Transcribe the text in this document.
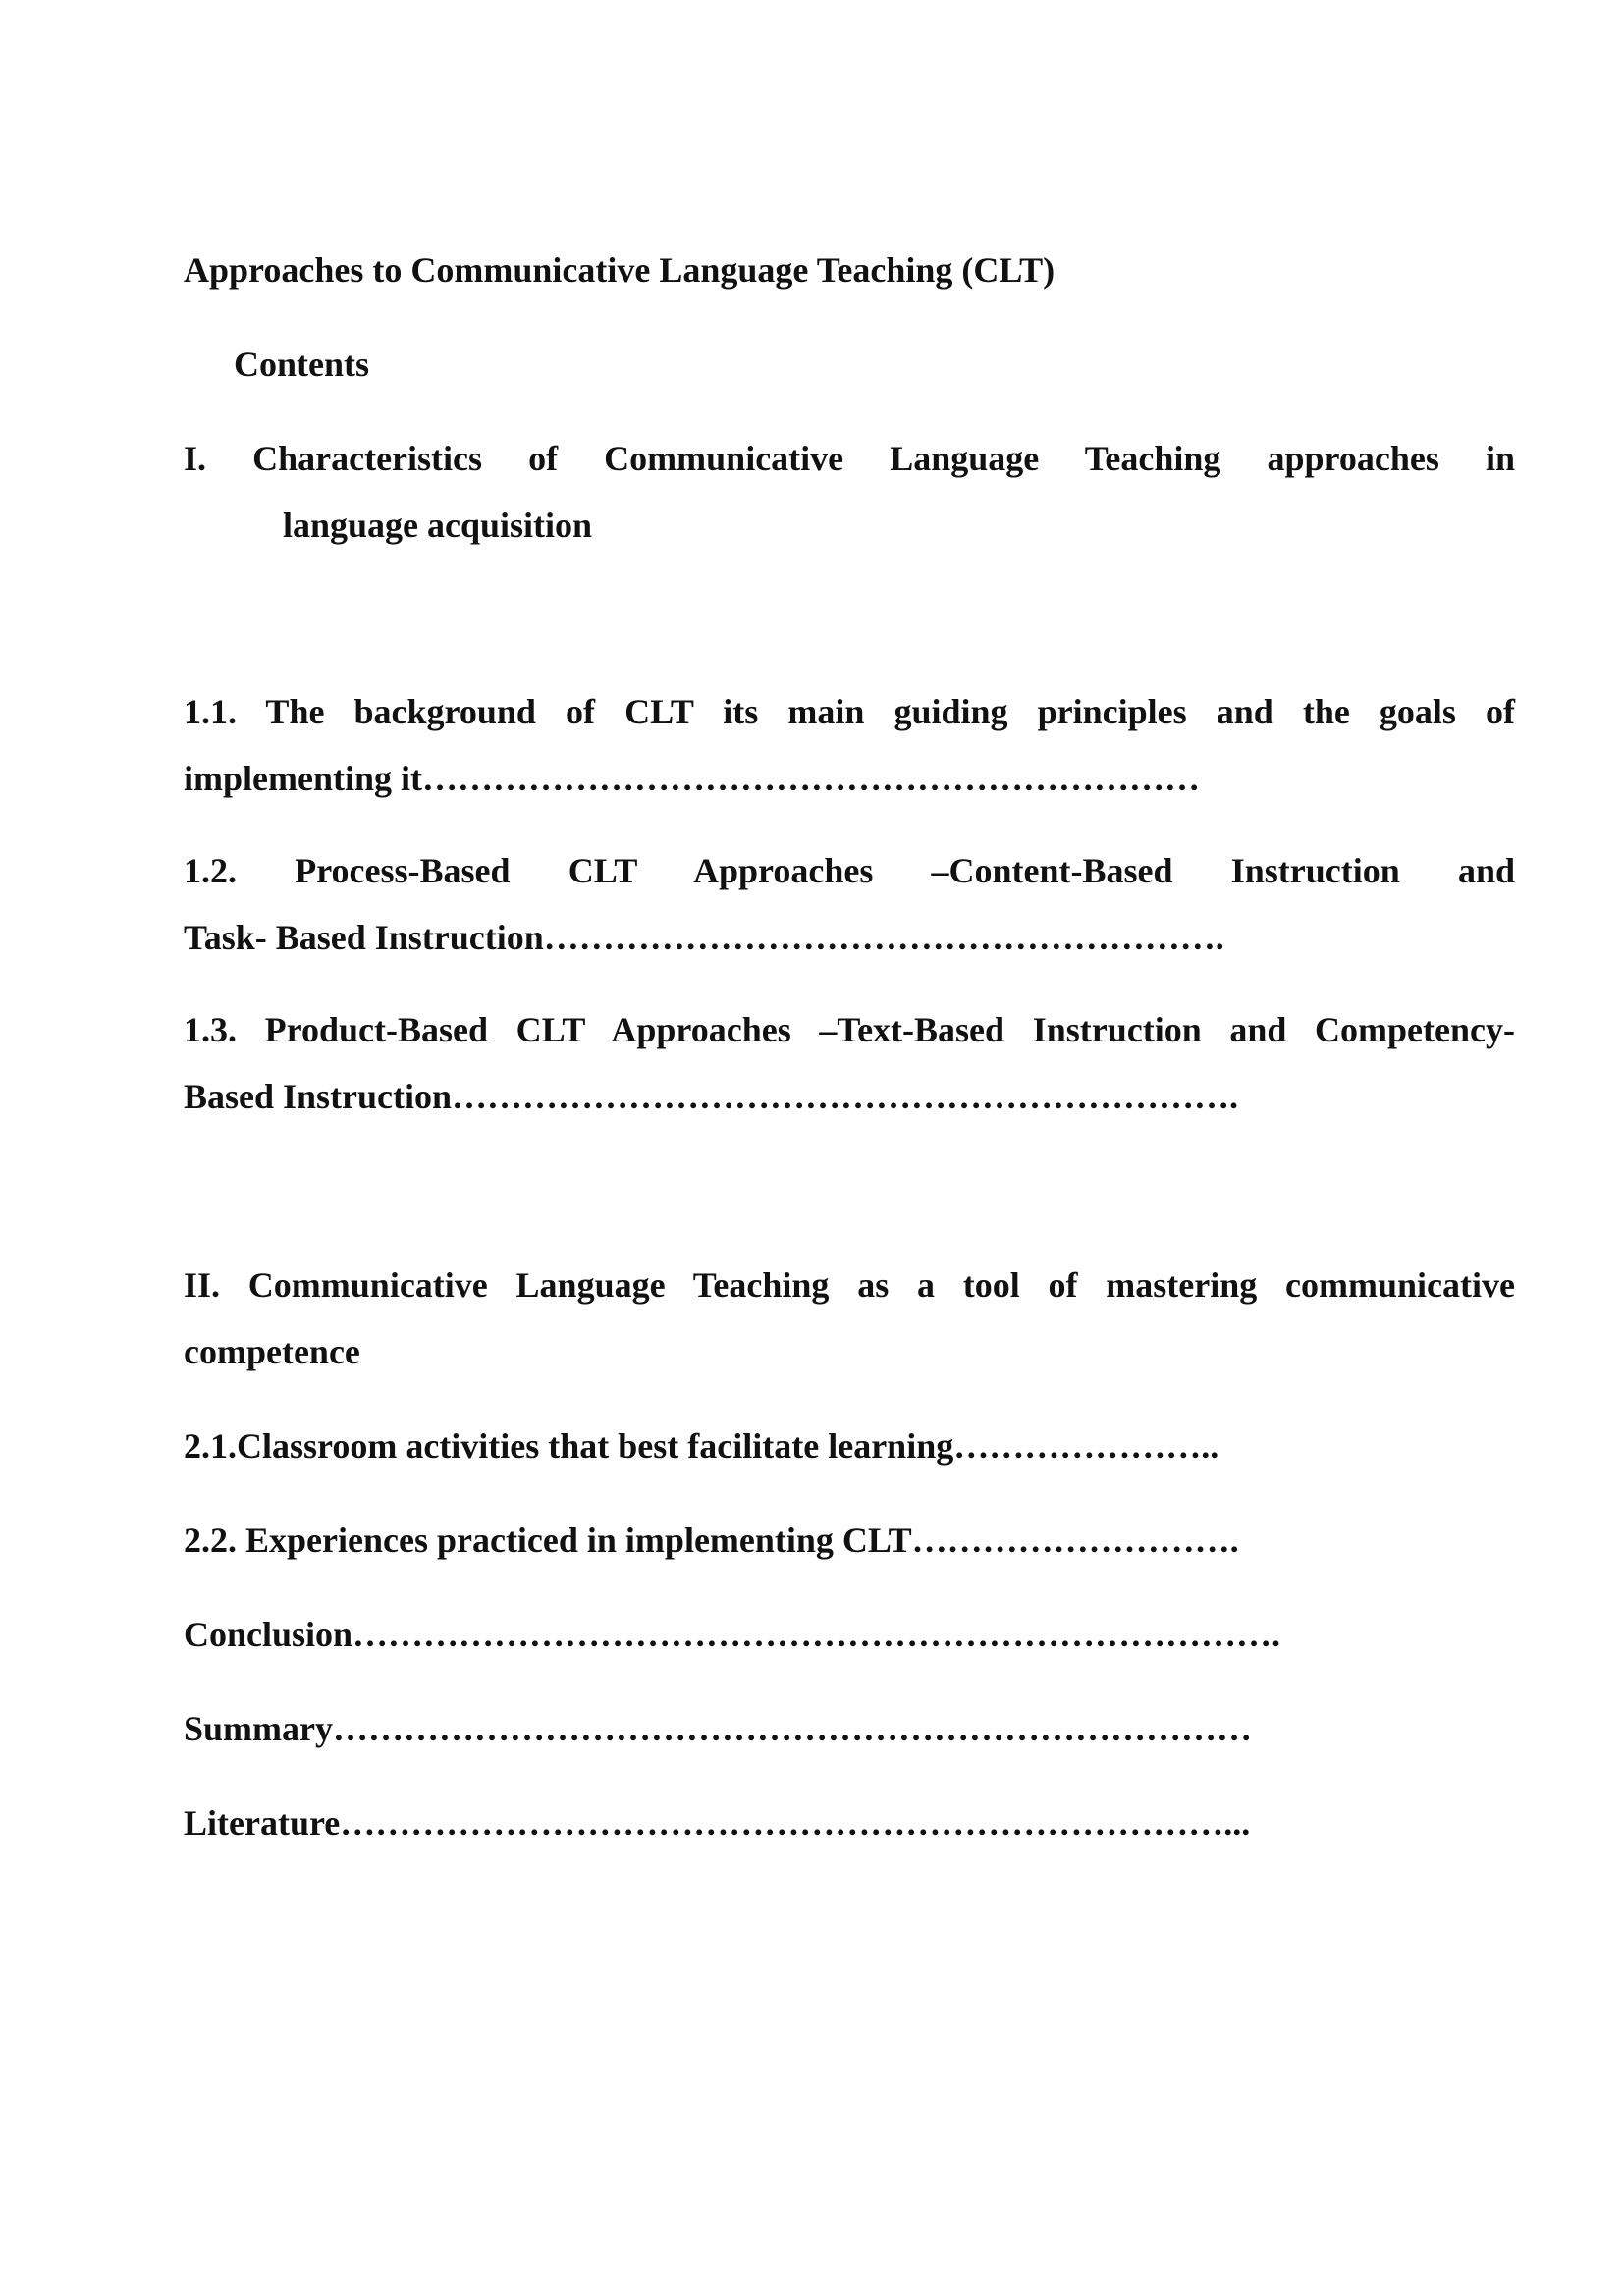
Approaches to Communicative Language Teaching (CLT)
Contents
I. Characteristics of Communicative Language Teaching approaches in
language acquisition
1.1. The background of CLT its main guiding principles and the goals of
implementing it…………………………………………………………
1.2. Process-Based CLT Approaches –Content-Based Instruction and
Task- Based Instruction………………………………………………….
1.3. Product-Based CLT Approaches –Text-Based Instruction and Competency-
Based Instruction………………………………………………………….
II. Communicative Language Teaching as a tool of mastering communicative
competence
2.1.Classroom activities that best facilitate learning…………………..
2.2. Experiences practiced in implementing CLT……………………….
Conclusion…………………………………………………………………….
Summary……………………………………………………………………
Literature…………………………………………………………………...
